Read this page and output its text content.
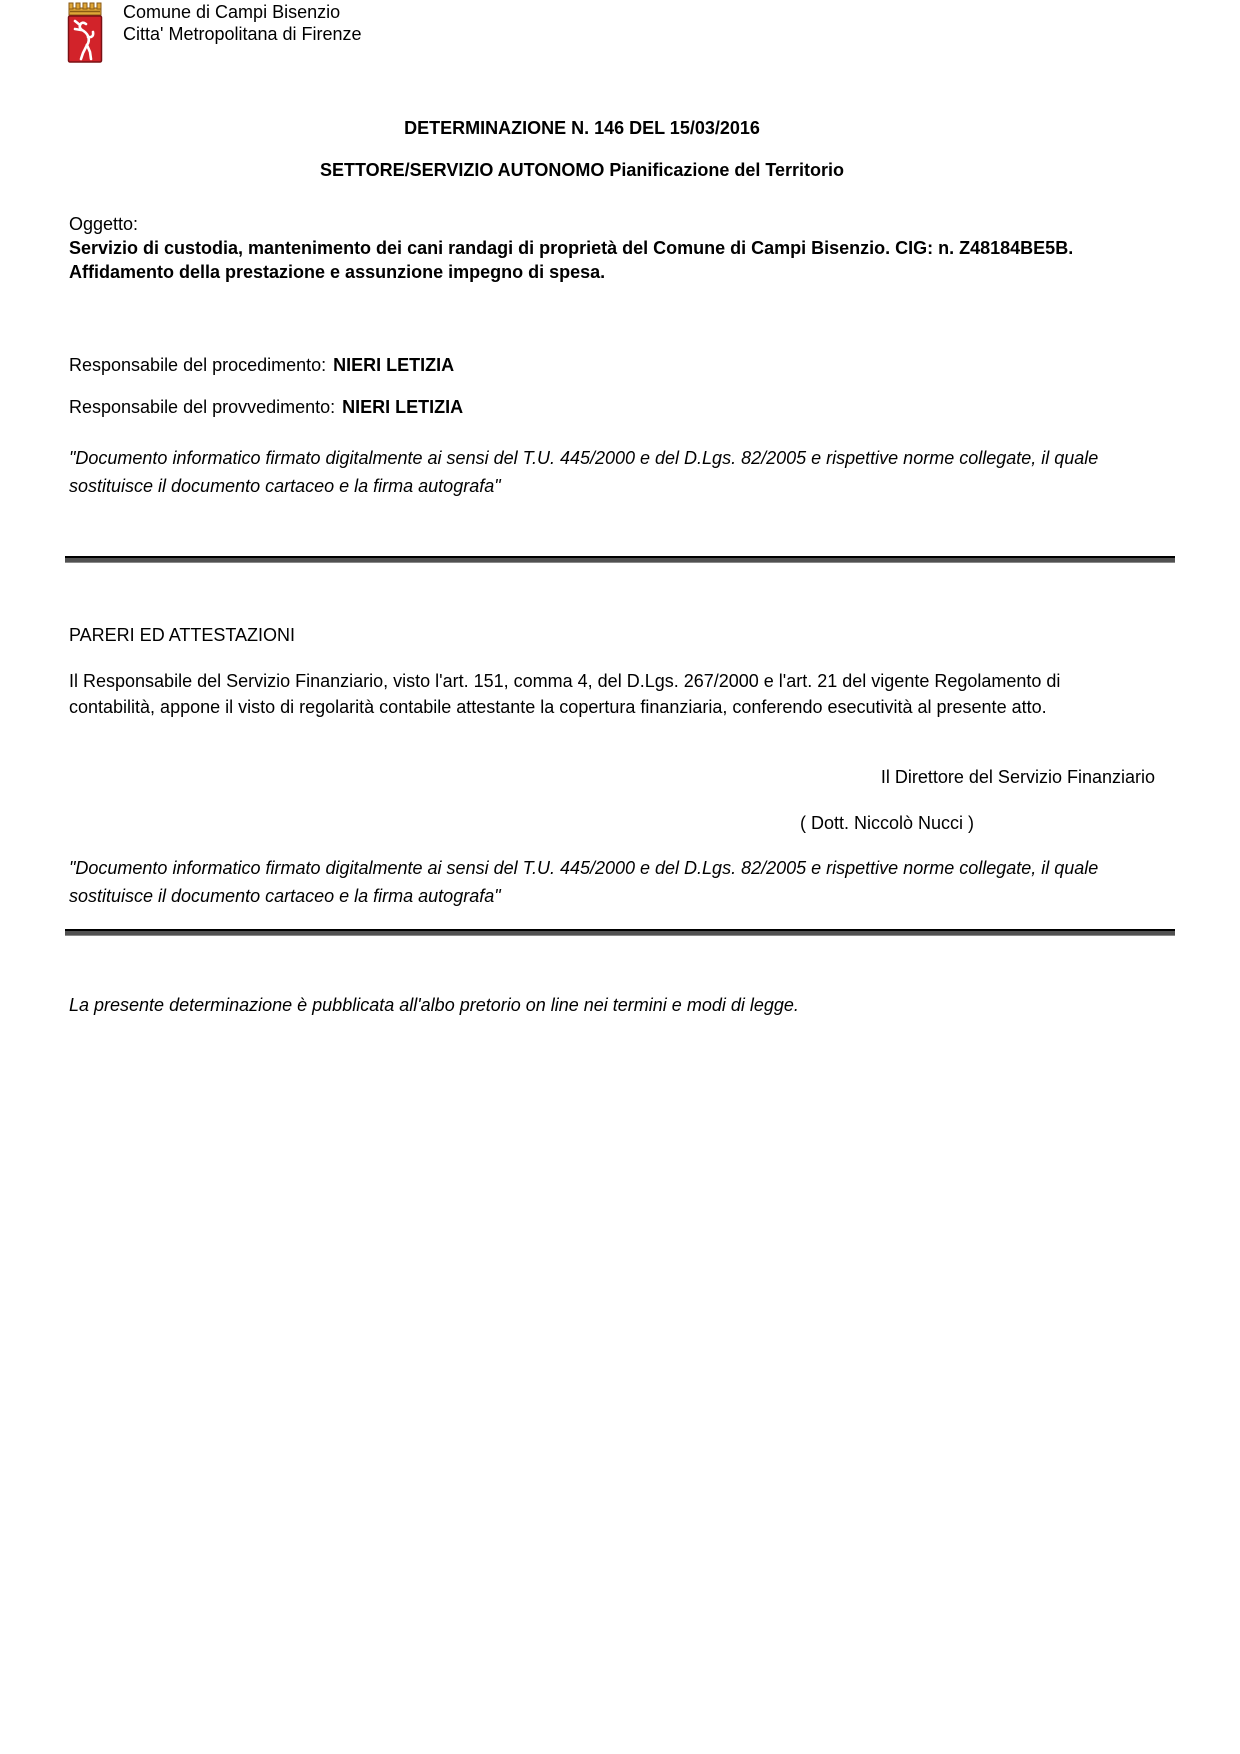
Comune di Campi Bisenzio
Citta' Metropolitana di Firenze
DETERMINAZIONE N. 146 DEL 15/03/2016
SETTORE/SERVIZIO AUTONOMO Pianificazione del Territorio
Oggetto:
Servizio di custodia, mantenimento dei cani randagi di proprietà del Comune di Campi Bisenzio. CIG: n. Z48184BE5B. Affidamento della prestazione e assunzione impegno di spesa.
Responsabile del procedimento: NIERI LETIZIA
Responsabile del provvedimento: NIERI LETIZIA
"Documento informatico firmato digitalmente ai sensi del T.U. 445/2000 e del D.Lgs. 82/2005 e rispettive norme collegate, il quale sostituisce il documento cartaceo e la firma autografa"
PARERI ED ATTESTAZIONI
Il Responsabile del Servizio Finanziario, visto l'art. 151, comma 4, del D.Lgs. 267/2000 e l'art. 21 del vigente Regolamento di contabilità, appone il visto di regolarità contabile attestante la copertura finanziaria, conferendo esecutività al presente atto.
Il Direttore del Servizio Finanziario
( Dott. Niccolò Nucci )
"Documento informatico firmato digitalmente ai sensi del T.U. 445/2000 e del D.Lgs. 82/2005 e rispettive norme collegate, il quale sostituisce il documento cartaceo e la firma autografa"
La presente determinazione è pubblicata all'albo pretorio on line nei termini e modi di legge.
